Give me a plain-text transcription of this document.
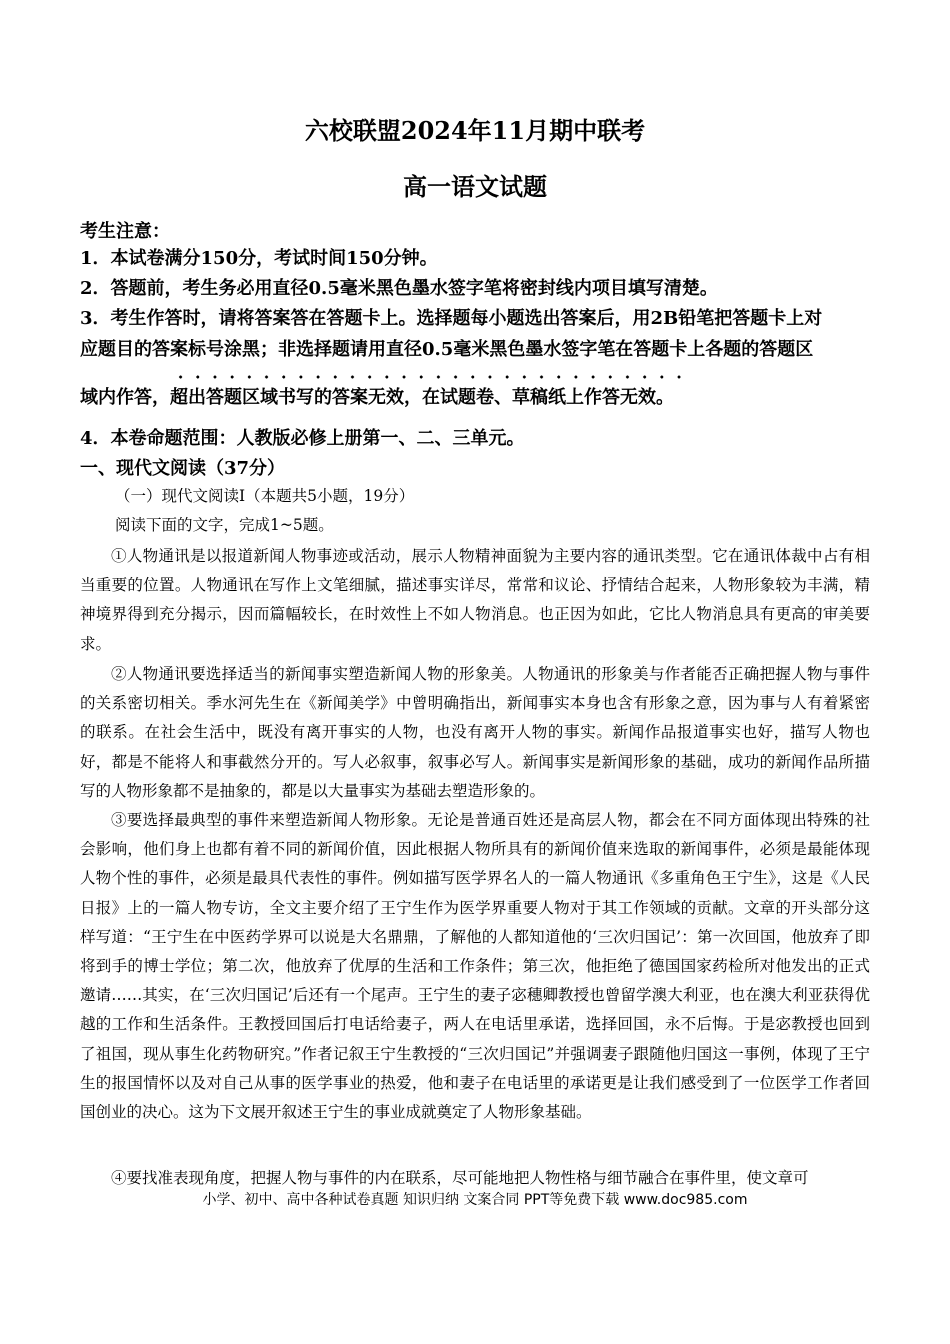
六校联盟2024年11月期中联考
高一语文试题
考生注意：
1．本试卷满分150分，考试时间150分钟。
2．答题前，考生务必用直径0.5毫米黑色墨水签字笔将密封线内项目填写清楚。
3．考生作答时，请将答案答在答题卡上。选择题每小题选出答案后，用2B铅笔把答题卡上对
应题目的答案标号涂黑；非选择题请用直径0.5毫米黑色墨水签字笔在答题卡上各题的答题区
域内作答，超出答题区域书写的答案无效，在试题卷、草稿纸上作答无效。
4．本卷命题范围：人教版必修上册第一、二、三单元。
一、现代文阅读（37分）
（一）现代文阅读Ⅰ（本题共5小题，19分）
阅读下面的文字，完成1~5题。

①人物通讯是以报道新闻人物事迹或活动，展示人物精神面貌为主要内容的通讯类型。它在通讯体裁中占有相当重要的位置。人物通讯在写作上文笔细腻，描述事实详尽，常常和议论、抒情结合起来，人物形象较为丰满，精神境界得到充分揭示，因而篇幅较长，在时效性上不如人物消息。也正因为如此，它比人物消息具有更高的审美要求。

②人物通讯要选择适当的新闻事实塑造新闻人物的形象美。人物通讯的形象美与作者能否正确把握人物与事件的关系密切相关。季水河先生在《新闻美学》中曾明确指出，新闻事实本身也含有形象之意，因为事与人有着紧密的联系。在社会生活中，既没有离开事实的人物，也没有离开人物的事实。新闻作品报道事实也好，描写人物也好，都是不能将人和事截然分开的。写人必叙事，叙事必写人。新闻事实是新闻形象的基础，成功的新闻作品所描写的人物形象都不是抽象的，都是以大量事实为基础去塑造形象的。

③要选择最典型的事件来塑造新闻人物形象。无论是普通百姓还是高层人物，都会在不同方面体现出特殊的社会影响，他们身上也都有着不同的新闻价值，因此根据人物所具有的新闻价值来选取的新闻事件，必须是最能体现人物个性的事件，必须是最具代表性的事件。例如描写医学界名人的一篇人物通讯《多重角色王宁生》，这是《人民日报》上的一篇人物专访，全文主要介绍了王宁生作为医学界重要人物对于其工作领域的贡献。文章的开头部分这样写道：“王宁生在中医药学界可以说是大名鼎鼎，了解他的人都知道他的‘三次归国记’：第一次回国，他放弃了即将到手的博士学位；第二次，他放弃了优厚的生活和工作条件；第三次，他拒绝了德国国家药检所对他发出的正式邀请……其实，在‘三次归国记’后还有一个尾声。王宁生的妻子宓穗卿教授也曾留学澳大利亚，也在澳大利亚获得优越的工作和生活条件。王教授回国后打电话给妻子，两人在电话里承诺，选择回国，永不后悔。于是宓教授也回到了祖国，现从事生化药物研究。”作者记叙王宁生教授的“三次归国记”并强调妻子跟随他归国这一事例，体现了王宁生的报国情怀以及对自己从事的医学事业的热爱，他和妻子在电话里的承诺更是让我们感受到了一位医学工作者回国创业的决心。这为下文展开叙述王宁生的事业成就奠定了人物形象基础。

④要找准表现角度，把握人物与事件的内在联系，尽可能地把人物性格与细节融合在事件里，使文章可

小学、初中、高中各种试卷真题 知识归纳 文案合同 PPT等免费下载 www.doc985.com
